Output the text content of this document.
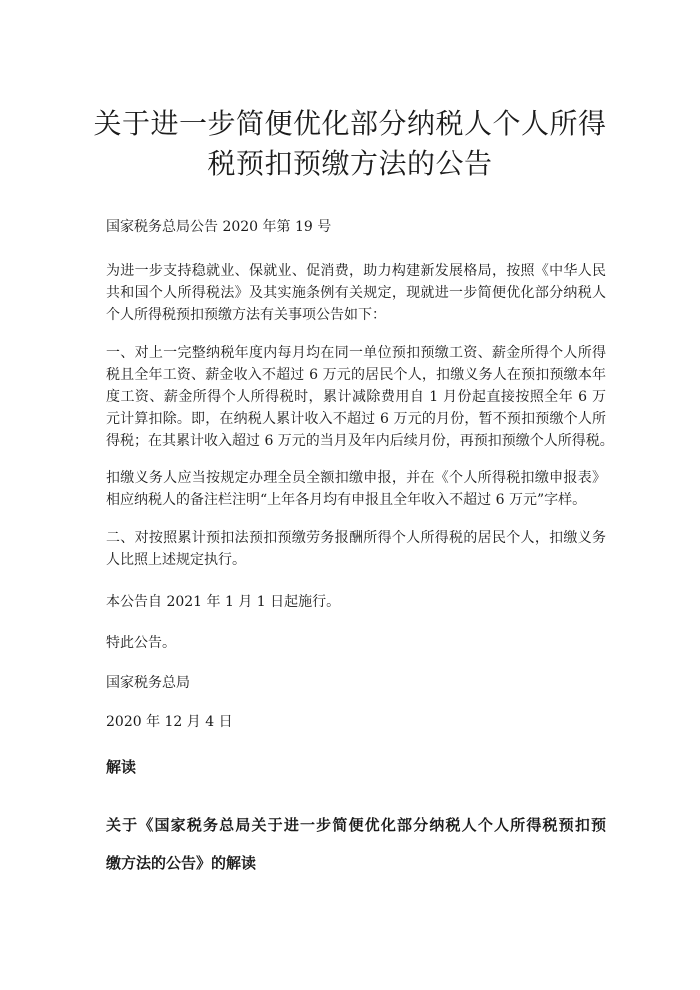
关于进一步简便优化部分纳税人个人所得
税预扣预缴方法的公告
国家税务总局公告 2020 年第 19 号
为进一步支持稳就业、保就业、促消费，助力构建新发展格局，按照《中华人民
共和国个人所得税法》及其实施条例有关规定，现就进一步简便优化部分纳税人
个人所得税预扣预缴方法有关事项公告如下：
一、对上一完整纳税年度内每月均在同一单位预扣预缴工资、薪金所得个人所得
税且全年工资、薪金收入不超过 6 万元的居民个人，扣缴义务人在预扣预缴本年
度工资、薪金所得个人所得税时，累计减除费用自 1 月份起直接按照全年 6 万
元计算扣除。即，在纳税人累计收入不超过 6 万元的月份，暂不预扣预缴个人所
得税；在其累计收入超过 6 万元的当月及年内后续月份，再预扣预缴个人所得税。
扣缴义务人应当按规定办理全员全额扣缴申报，并在《个人所得税扣缴申报表》
相应纳税人的备注栏注明“上年各月均有申报且全年收入不超过 6 万元”字样。
二、对按照累计预扣法预扣预缴劳务报酬所得个人所得税的居民个人，扣缴义务
人比照上述规定执行。
本公告自 2021 年 1 月 1 日起施行。
特此公告。
国家税务总局
2020 年 12 月 4 日
解读
关于《国家税务总局关于进一步简便优化部分纳税人个人所得税预扣预
缴方法的公告》的解读
